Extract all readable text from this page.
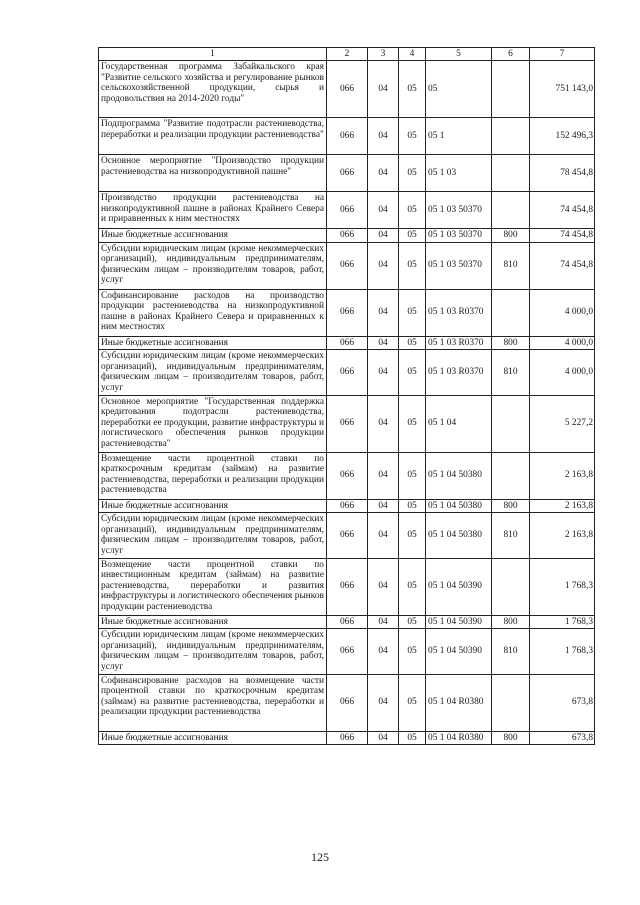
1	2	3	4	5	6	7
Государственная программа Забайкальского края "Развитие сельского хозяйства и регулирование рынков сельскохозяйственной продукции, сырья и продовольствия на 2014-2020 годы"	066	04	05	05		751 143,0
Подпрограмма "Развитие подотрасли растениеводства, переработки и реализации продукции растениеводства"	066	04	05	05 1		152 496,3
Основное мероприятие "Производство продукции растениеводства на низкопродуктивной пашне"	066	04	05	05 1 03		78 454,8
Производство продукции растениеводства на низкопродуктивной пашне в районах Крайнего Севера и приравненных к ним местностях	066	04	05	05 1 03 50370		74 454,8
Иные бюджетные ассигнования	066	04	05	05 1 03 50370	800	74 454,8
Субсидии юридическим лицам (кроме некоммерческих организаций), индивидуальным предпринимателям, физическим лицам – производителям товаров, работ, услуг	066	04	05	05 1 03 50370	810	74 454,8
Софинансирование расходов на производство продукции растениеводства на низкопродуктивной пашне в районах Крайнего Севера и приравненных к ним местностях	066	04	05	05 1 03 R0370		4 000,0
Иные бюджетные ассигнования	066	04	05	05 1 03 R0370	800	4 000,0
Субсидии юридическим лицам (кроме некоммерческих организаций), индивидуальным предпринимателям, физическим лицам – производителям товаров, работ, услуг	066	04	05	05 1 03 R0370	810	4 000,0
Основное мероприятие "Государственная поддержка кредитования подотрасли растениеводства, переработки ее продукции, развитие инфраструктуры и логистического обеспечения рынков продукции растениеводства"	066	04	05	05 1 04		5 227,2
Возмещение части процентной ставки по краткосрочным кредитам (займам) на развитие растениеводства, переработки и реализации продукции растениеводства	066	04	05	05 1 04 50380		2 163,8
Иные бюджетные ассигнования	066	04	05	05 1 04 50380	800	2 163,8
Субсидии юридическим лицам (кроме некоммерческих организаций), индивидуальным предпринимателям, физическим лицам – производителям товаров, работ, услуг	066	04	05	05 1 04 50380	810	2 163,8
Возмещение части процентной ставки по инвестиционным кредитам (займам) на развитие растениеводства, переработки и развития инфраструктуры и логистического обеспечения рынков продукции растениеводства	066	04	05	05 1 04 50390		1 768,3
Иные бюджетные ассигнования	066	04	05	05 1 04 50390	800	1 768,3
Субсидии юридическим лицам (кроме некоммерческих организаций), индивидуальным предпринимателям, физическим лицам – производителям товаров, работ, услуг	066	04	05	05 1 04 50390	810	1 768,3
Софинансирование расходов на возмещение части процентной ставки по краткосрочным кредитам (займам) на развитие растениеводства, переработки и реализации продукции растениеводства	066	04	05	05 1 04 R0380		673,8
Иные бюджетные ассигнования	066	04	05	05 1 04 R0380	800	673,8
125
